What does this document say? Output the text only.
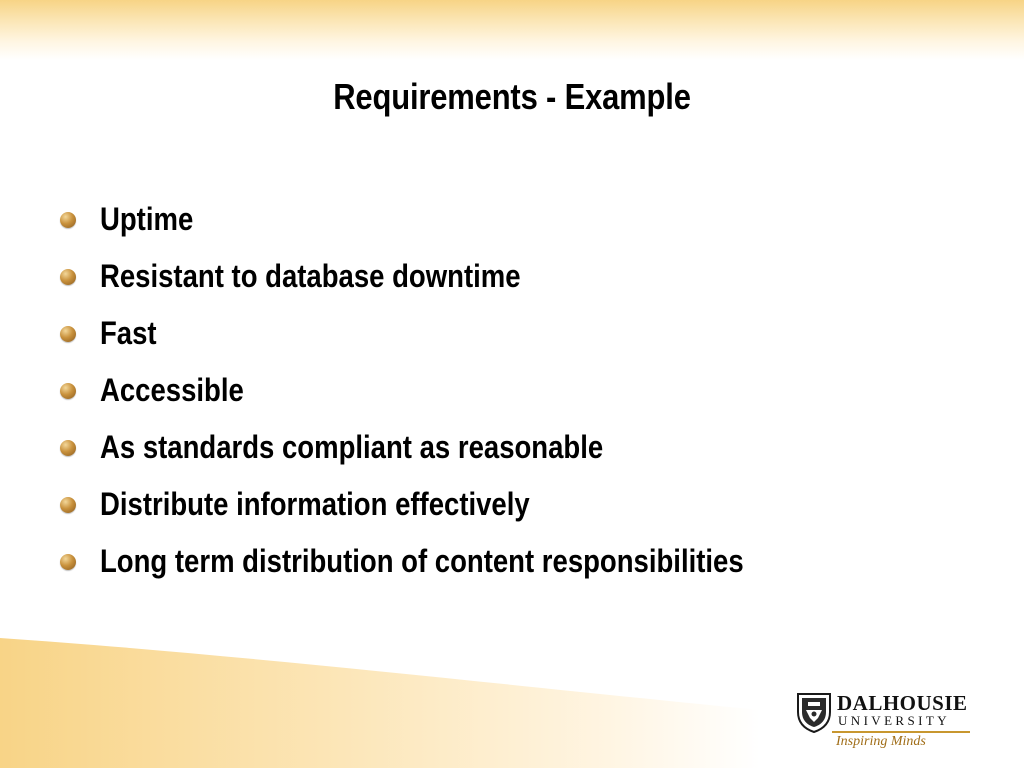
Requirements - Example
Uptime
Resistant to database downtime
Fast
Accessible
As standards compliant as reasonable
Distribute information effectively
Long term distribution of content responsibilities
DALHOUSIE
UNIVERSITY
Inspiring Minds
